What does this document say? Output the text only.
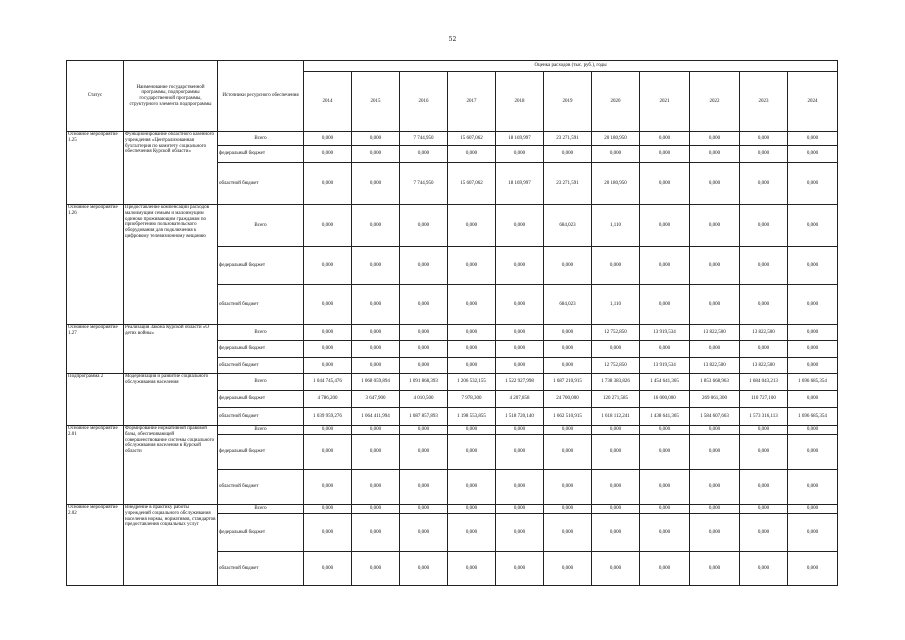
52
Статус	Наименование государственной программы, подпрограммы государственной программы, структурного элемента подпрограммы	Источники ресурсного обеспечения	Оценка расходов (тыс. руб.), годы										
			2014	2015	2016	2017	2018	2019	2020	2021	2022	2023	2024
Основное мероприятие 1.25	Функционирование областного казенного учреждения «Централизованная бухгалтерия по комитету социального обеспечения Курской области»	Всего	0,000	0,000	7 744,950	15 607,062	18 169,997	23 271,591	20 180,950	0,000	0,000	0,000	0,000
		федеральный бюджет	0,000	0,000	0,000	0,000	0,000	0,000	0,000	0,000	0,000	0,000	0,000
		областной бюджет	0,000	0,000	7 744,950	15 607,062	18 169,997	23 271,591	20 180,950	0,000	0,000	0,000	0,000
Основное мероприятие 1.26	Предоставление компенсации расходов малоимущим семьям и малоимущим одиноко проживающим гражданам по приобретению пользовательского оборудования для подключения к цифровому телевизионному вещанию	Всего	0,000	0,000	0,000	0,000	0,000	684,023	1,110	0,000	0,000	0,000	0,000
		федеральный бюджет	0,000	0,000	0,000	0,000	0,000	0,000	0,000	0,000	0,000	0,000	0,000
		областной бюджет	0,000	0,000	0,000	0,000	0,000	684,023	1,110	0,000	0,000	0,000	0,000
Основное мероприятие 1.27	Реализация Закона Курской области «О детях войны»	Всего	0,000	0,000	0,000	0,000	0,000	0,000	12 752,850	13 919,534	13 822,500	13 822,500	0,000
		федеральный бюджет	0,000	0,000	0,000	0,000	0,000	0,000	0,000	0,000	0,000	0,000	0,000
		областной бюджет	0,000	0,000	0,000	0,000	0,000	0,000	12 752,850	13 919,534	13 822,500	13 822,500	0,000
Подпрограмма 2	Модернизация и развитие социального обслуживания населения	Всего	1 044 745,476	1 068 059,894	1 091 868,393	1 206 532,155	1 522 927,998	1 687 210,915	1 738 383,826	1 454 641,365	1 853 668,963	1 684 043,213	1 696 685,354
		федеральный бюджет	4 786,200	3 647,900	4 010,500	7 978,300	4 207,858	24 700,000	120 271,585	16 000,000	269 061,300	110 727,100	0,000
		областной бюджет	1 039 959,276	1 064 411,994	1 087 857,893	1 198 553,855	1 518 720,140	1 662 510,915	1 618 112,241	1 438 641,365	1 584 607,663	1 573 316,113	1 696 685,354
Основное мероприятие 2.01	Формирование нормативной правовой базы, обеспечивающей совершенствование системы социального обслуживания населения в Курской области	Всего	0,000	0,000	0,000	0,000	0,000	0,000	0,000	0,000	0,000	0,000	0,000
		федеральный бюджет	0,000	0,000	0,000	0,000	0,000	0,000	0,000	0,000	0,000	0,000	0,000
		областной бюджет	0,000	0,000	0,000	0,000	0,000	0,000	0,000	0,000	0,000	0,000	0,000
Основное мероприятие 2.02	Внедрение в практику работы учреждений социального обслуживания населения нормы, нормативов, стандартов предоставления социальных услуг	Всего	0,000	0,000	0,000	0,000	0,000	0,000	0,000	0,000	0,000	0,000	0,000
		федеральный бюджет	0,000	0,000	0,000	0,000	0,000	0,000	0,000	0,000	0,000	0,000	0,000
		областной бюджет	0,000	0,000	0,000	0,000	0,000	0,000	0,000	0,000	0,000	0,000	0,000
